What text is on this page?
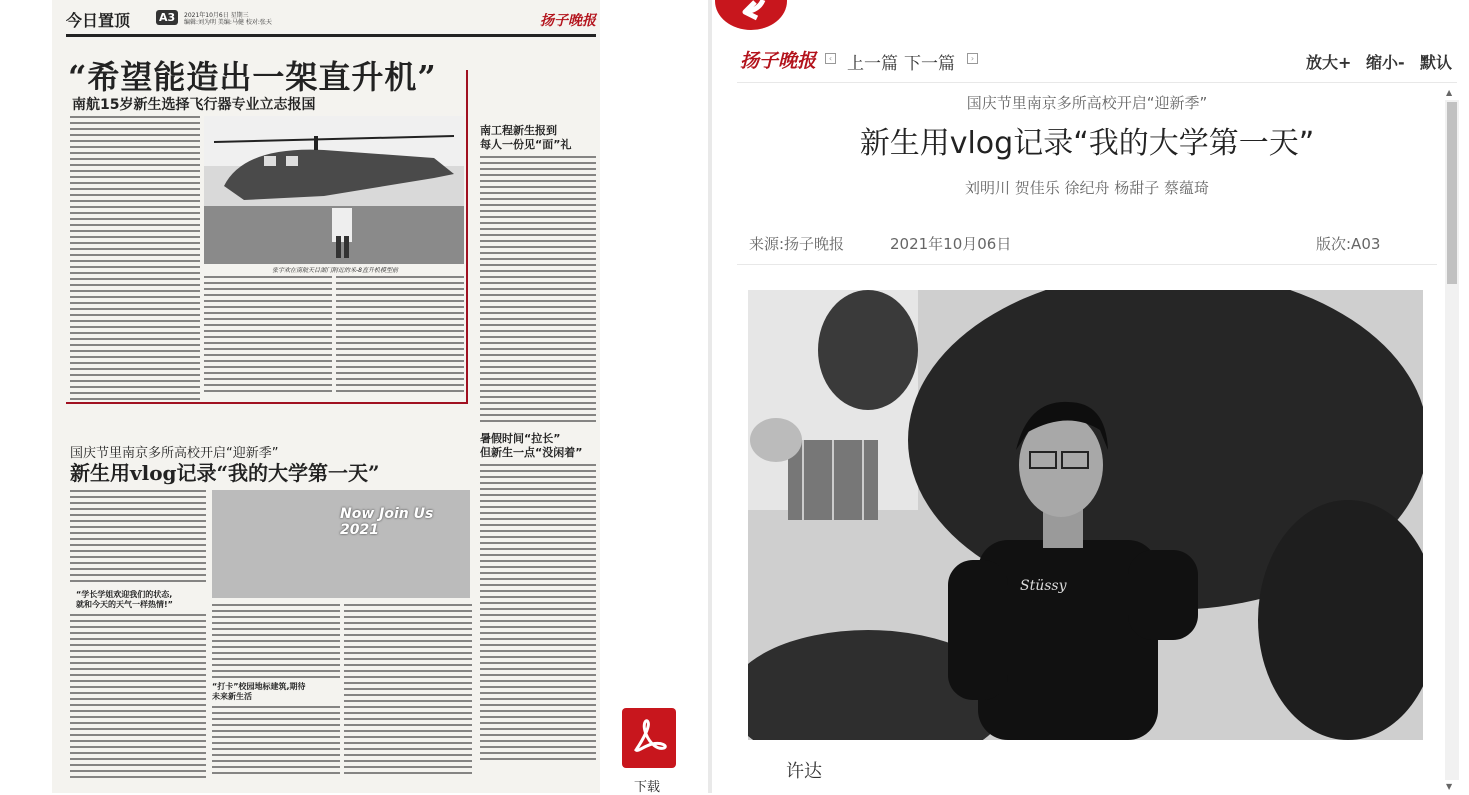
今日置顶	A3	2021年10月6日 星期三
编辑:刘为明 美编:马健 校对:张天	扬子晚报
“希望能造出一架直升机”
南航15岁新生选择飞行器专业立志报国
张宇欢在南航天目湖门附近的米-8直升机模型前
南工程新生报到
每人一份见“面”礼
暑假时间“拉长”
但新生一点“没闲着”
国庆节里南京多所高校开启“迎新季”
新生用vlog记录“我的大学第一天”
Now Join Us 2021
“学长学姐欢迎我们的状态,
就和今天的天气一样热情!”
“打卡”校园地标建筑,期待
未来新生活
下载
扬子晚报	‹ 上一篇 下一篇	›	放大+ 缩小- 默认
国庆节里南京多所高校开启“迎新季”
新生用vlog记录“我的大学第一天”
刘明川 贺佳乐 徐纪舟 杨甜子 蔡蕴琦
来源:扬子晚报	2021年10月06日	版次:A03
Stüssy
许达
▲
▼
